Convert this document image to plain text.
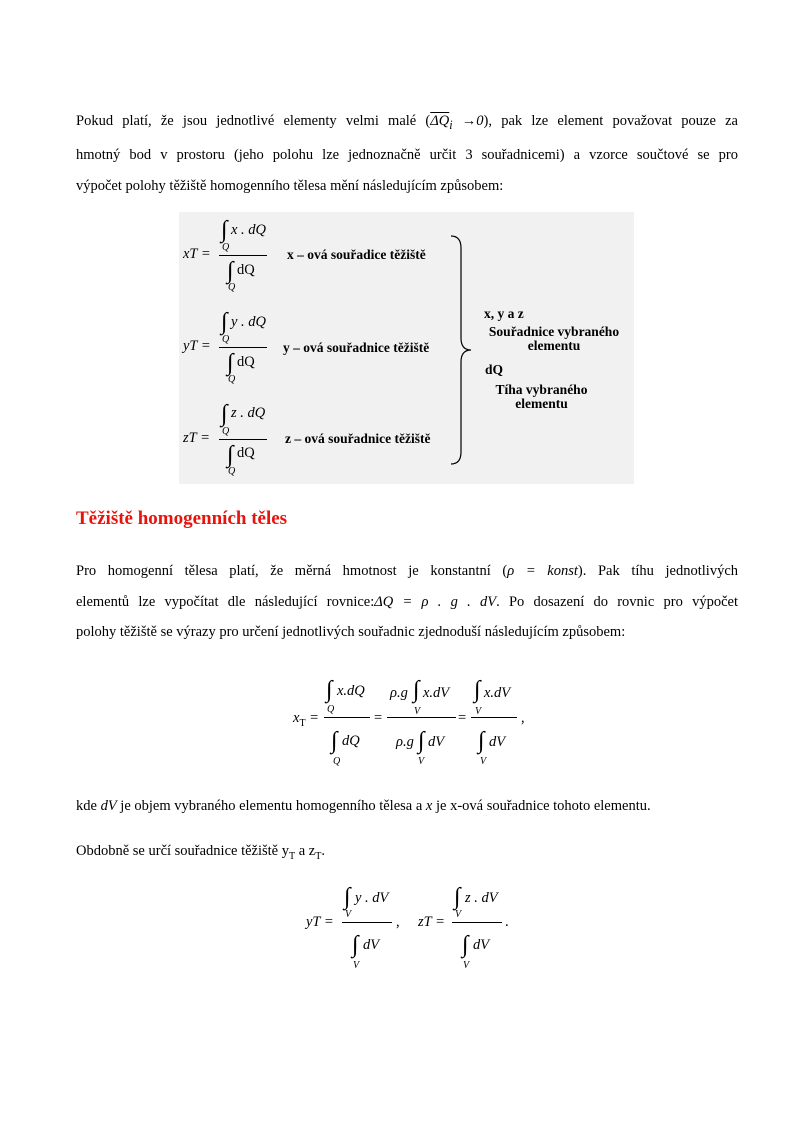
Pokud platí, že jsou jednotlivé elementy velmi malé $(\overline{\Delta Q}_i \to 0)$, pak lze element považovat pouze za
hmotný bod v prostoru (jeho polohu lze jednoznačně určit 3 souřadnicemi) a vzorce součtové se pro
výpočet polohy těžiště homogenního tělesa mění následujícím způsobem:
xT =
∫ x . dQ
Q
∫ dQ
Q
x – ová souřadice těžiště
yT =
∫ y . dQ
Q
∫ dQ
Q
y – ová souřadnice těžiště
zT =
∫ z . dQ
Q
∫ dQ
Q
z – ová souřadnice těžiště
x, y a z
Souřadnice vybraného elementu
dQ
Tíha vybraného elementu
Těžiště homogenních těles
Pro homogenní tělesa platí, že měrná hmotnost je konstantní (ρ = konst). Pak tíhu jednotlivých
elementů lze vypočítat dle následující rovnice:ΔQ = ρ . g . dV. Po dosazení do rovnic pro výpočet
polohy těžiště se výrazy pro určení jednotlivých souřadnic zjednoduší následujícím způsobem:
$x_T$ =
∫ x.dQ
Q
∫ dQ
Q
=
ρ.g ∫ x.dV
V
ρ.g ∫ dV
V
=
∫ x.dV
V
∫ dV
V
,
kde dV je objem vybraného elementu homogenního tělesa a x je x-ová souřadnice tohoto elementu.
Obdobně se určí souřadnice těžiště $y_T$ a $z_T$.
yT =
∫ y . dV
V
∫ dV
V
, zT =
∫ z . dV
V
∫ dV
V
.
